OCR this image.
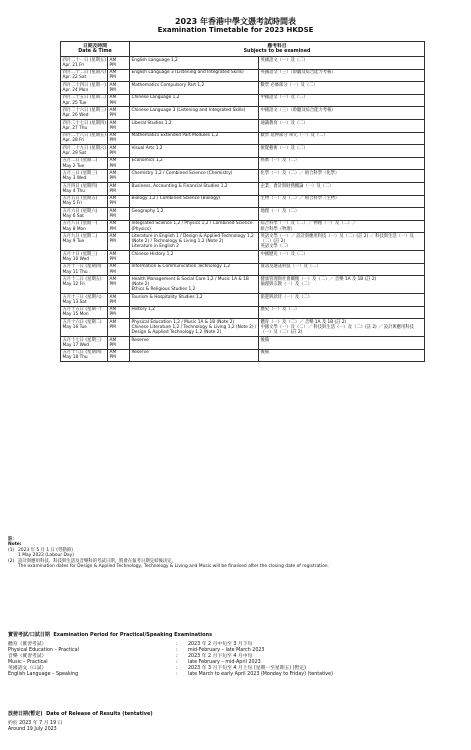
2023 年香港中學文憑考試時間表
Examination Timetable for 2023 HKDSE
日期及時間
Date & Time		應考科目
Subjects to be examined	

四月二十一日 (星期五)
Apr. 21 Fri	AM
PM	English Language 1,2	英國語文（一）及（二）

四月二十二日 (星期六)
Apr. 22 Sat	AM
PM	English Language 3 (Listening and Integrated Skills)	英國語文（三）（聆聽及綜合能力考核）

四月二十四日 (星期一)
Apr. 24 Mon	AM
PM	Mathematics Compulsory Part 1,2	數學 必修部分（一）及（二）

四月二十五日 (星期二)
Apr. 25 Tue	AM
PM	Chinese Language 1,2	中國語文（一）及（二）

四月二十六日 (星期三)
Apr. 26 Wed	AM
PM	Chinese Language 3 (Listening and Integrated Skills)	中國語文（三）（聆聽及綜合能力考核）

四月二十七日 (星期四)
Apr. 27 Thu	AM
PM	Liberal Studies 1,2	通識教育（一）及（二）

四月二十八日 (星期五)
Apr. 28 Fri	AM
PM	Mathematics Extended Part Modules 1,2	數學 延伸部分 單元（一）及（二）

四月二十九日 (星期六)
Apr. 29 Sat	AM
PM	Visual Arts 1,2	視覺藝術（一）及（二）

五月二日 (星期二)
May 2 Tue	AM
PM	Economics 1,2	經濟（一）及（二）

五月三日 (星期三)
May 3 Wed	AM
PM	Chemistry 1,2 / Combined Science (Chemistry)	化學（一）及（二）／ 組合科學（化學）

五月四日 (星期四)
May 4 Thu	AM
PM	Business, Accounting & Financial Studies 1,2	企業、會計與財務概論（一）及（二）

五月五日 (星期五)
May 5 Fri	AM
PM	Biology 1,2 / Combined Science (Biology)	生物（一）及（二）／ 組合科學（生物）

五月六日 (星期六)
May 6 Sat	AM
PM	Geography 1,2	地理（一）及（二）

五月八日 (星期一)
May 8 Mon	AM
PM	Integrated Science 1,2 / Physics 1,2 / Combined Science (Physics)	綜合科學（一）及（二）／ 物理（一）及（二）／
組合科學（物理）

五月九日 (星期二)
May 9 Tue	AM
PM	Literature in English 1 / Design & Applied Technology 1,2 (Note 2) / Technology & Living 1,2 (Note 2)
Literature in English 2	英語文學（一）／ 設計與應用科技（一）及（二）(註 2) ／ 科技與生活（一）及（二）(註 2)
英語文學（二）

五月十日 (星期三)
May 10 Wed	AM
PM	Chinese History 1,2	中國歷史（一）及（二）

五月十一日 (星期四)
May 11 Thu	AM
PM	Information & Communication Technology 1,2	資訊及通訊科技（一）及（二）

五月十二日 (星期五)
May 12 Fri	AM
PM	Health Management & Social Care 1,2 / Music 1A & 1B (Note 2)
Ethics & Religious Studies 1,2	健康管理與社會關懷（一）及（二）／ 音樂 1A 及 1B (註 2)
倫理與宗教（一）及（二）

五月十三日 (星期六)
May 13 Sat	AM
PM	Tourism & Hospitality Studies 1,2	旅遊與款待（一）及（二）

五月十五日 (星期一)
May 15 Mon	AM
PM	History 1,2	歷史（一）及（二）

五月十六日 (星期二)
May 16 Tue	AM
PM	Physical Education 1,2 / Music 1A & 1B (Note 2)
Chinese Literature 1,2 / Technology & Living 1,2 (Note 2) / Design & Applied Technology 1,2 (Note 2)	體育（一）及（二）／ 音樂 1A 及 1B (註 2)
中國文學（一）及（二）／ 科技與生活（一）及（二）(註 2) ／ 設計與應用科技（一）及（二）(註 2)

五月十七日 (星期三)
May 17 Wed	AM
PM	Reserve	後備

五月十八日 (星期四)
May 18 Thu	AM
PM	Reserve	後備
註：
Note:
(1) 2023 年 5 月 1 日 (勞動節)
1 May 2023 (Labour Day)
(2) 設計與應用科技、科技與生活及音樂科的考試日期，將會在報考日期完結後決定。
The examination dates for Design & Applied Technology, Technology & Living and Music will be finalised after the closing date of registration.
實習考試/口試日期 Examination Period for Practical/Speaking Examinations
體育（實習考試）	:	2023 年 2 月中旬至 3 月下旬
Physical Education – Practical	:	mid-February – late March 2023
音樂（實習考試）	:	2023 年 2 月下旬至 4 月中旬
Music – Practical	:	late February – mid-April 2023
英國語文（口試）	:	2023 年 3 月下旬至 4 月上旬 (星期一至星期五) (暫定)
English Language – Speaking	:	late March to early April 2023 (Monday to Friday) (tentative)
放榜日期(暫定) Date of Release of Results (tentative)
約於 2023 年 7 月 19 日
Around 19 July 2023
